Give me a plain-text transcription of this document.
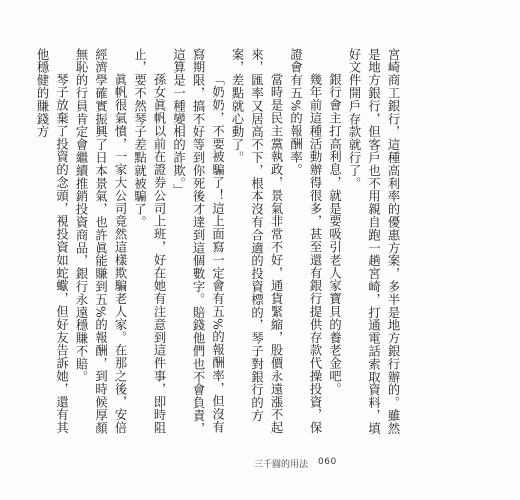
宮崎商工銀行，這種高利率的優惠方案，多半是地方銀行辦的。雖然是地方銀行，但客戶也不用親自跑一趟宮崎，打通電話索取資料，填好文件開戶存款就行了。

銀行會主打高利息，就是要吸引老人家寶貝的養老金吧。

幾年前這種活動辦得很多，甚至還有銀行提供存款代操投資，保證會有五%的報酬率。

當時是民主黨執政，景氣非常不好，通貨緊縮，股價永遠漲不起來，匯率又居高不下，根本沒有合適的投資標的，琴子對銀行的方案，差點就心動了。

「奶奶，不要被騙了！這上面寫一定會有五%的報酬率，但沒有寫期限，搞不好等到你死後才達到這個數字。賠錢他們也不會負責，這算是一種變相的詐欺。」

孫女眞帆以前在證券公司上班，好在她有注意到這件事，即時阻止，要不然琴子差點就被騙了。

眞帆很氣憤，一家大公司竟然這樣欺騙老人家。在那之後，安倍經濟學確實振興了日本景氣，也許眞能賺到五%的報酬，到時候厚顏無恥的行員肯定會繼續推銷投資商品，銀行永遠穩賺不賠。

琴子放棄了投資的念頭，視投資如蛇蠍，但好友告訴她，還有其他穩健的賺錢方

三千圓的用法 060
